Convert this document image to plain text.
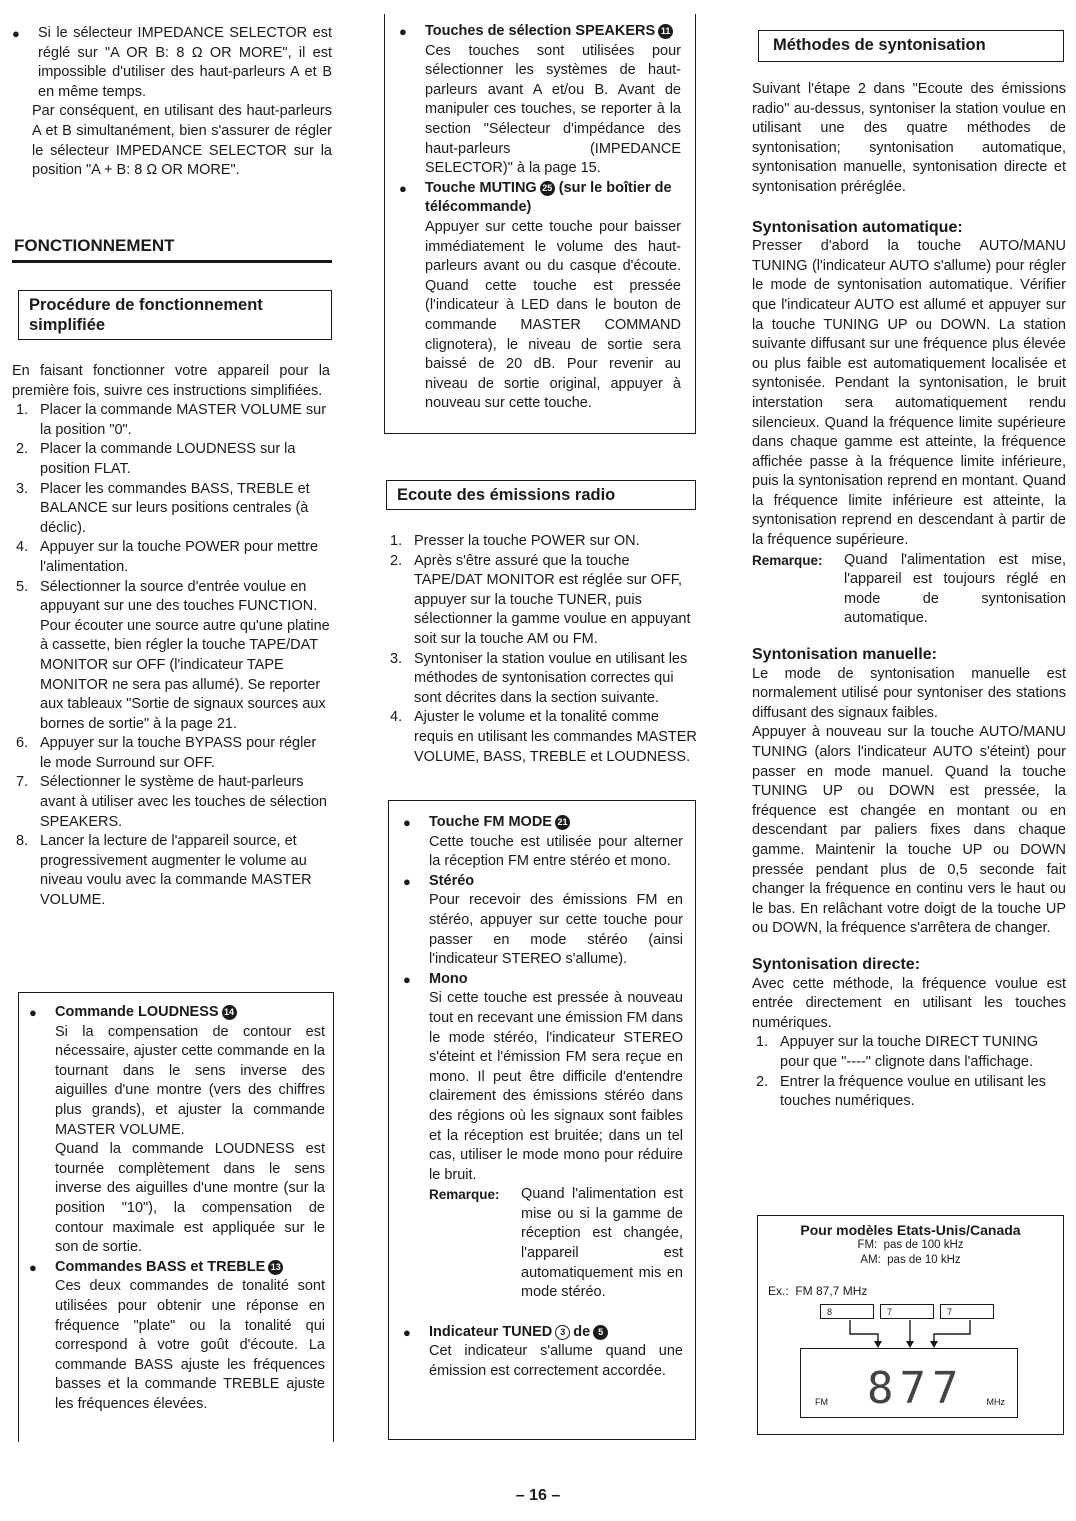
● Si le sélecteur IMPEDANCE SELECTOR est réglé sur "A OR B: 8 Ω OR MORE", il est impossible d'utiliser des haut-parleurs A et B en même temps.

Par conséquent, en utilisant des haut-parleurs A et B simultanément, bien s'assurer de régler le sélecteur IMPEDANCE SELECTOR sur la position "A + B: 8 Ω OR MORE".

FONCTIONNEMENT
Procédure de fonctionnement simplifiée

En faisant fonctionner votre appareil pour la première fois, suivre ces instructions simplifiées.

1. Placer la commande MASTER VOLUME sur la position "0".
2. Placer la commande LOUDNESS sur la position FLAT.
3. Placer les commandes BASS, TREBLE et BALANCE sur leurs positions centrales (à déclic).
4. Appuyer sur la touche POWER pour mettre l'alimentation.
5. Sélectionner la source d'entrée voulue en appuyant sur une des touches FUNCTION.
Pour écouter une source autre qu'une platine à cassette, bien régler la touche TAPE/DAT MONITOR sur OFF (l'indicateur TAPE MONITOR ne sera pas allumé). Se reporter aux tableaux "Sortie de signaux sources aux bornes de sortie" à la page 21.
6. Appuyer sur la touche BYPASS pour régler le mode Surround sur OFF.
7. Sélectionner le système de haut-parleurs avant à utiliser avec les touches de sélection SPEAKERS.
8. Lancer la lecture de l'appareil source, et progressivement augmenter le volume au niveau voulu avec la commande MASTER VOLUME.
● Commande LOUDNESS 14

Si la compensation de contour est nécessaire, ajuster cette commande en la tournant dans le sens inverse des aiguilles d'une montre (vers des chiffres plus grands), et ajuster la commande MASTER VOLUME.

Quand la commande LOUDNESS est tournée complètement dans le sens inverse des aiguilles d'une montre (sur la position "10"), la compensation de contour maximale est appliquée sur le son de sortie.

● Commandes BASS et TREBLE 13

Ces deux commandes de tonalité sont utilisées pour obtenir une réponse en fréquence "plate" ou la tonalité qui correspond à votre goût d'écoute. La commande BASS ajuste les fréquences basses et la commande TREBLE ajuste les fréquences élevées.

● Touches de sélection SPEAKERS 11

Ces touches sont utilisées pour sélectionner les systèmes de haut-parleurs avant A et/ou B. Avant de manipuler ces touches, se reporter à la section "Sélecteur d'impédance des haut-parleurs (IMPEDANCE SELECTOR)" à la page 15.

● Touche MUTING 25 (sur le boîtier de télécommande)

Appuyer sur cette touche pour baisser immédiatement le volume des haut-parleurs avant ou du casque d'écoute. Quand cette touche est pressée (l'indicateur à LED dans le bouton de commande MASTER COMMAND clignotera), le niveau de sortie sera baissé de 20 dB. Pour revenir au niveau de sortie original, appuyer à nouveau sur cette touche.

Ecoute des émissions radio
1. Presser la touche POWER sur ON.
2. Après s'être assuré que la touche TAPE/DAT MONITOR est réglée sur OFF, appuyer sur la touche TUNER, puis sélectionner la gamme voulue en appuyant soit sur la touche AM ou FM.
3. Syntoniser la station voulue en utilisant les méthodes de syntonisation correctes qui sont décrites dans la section suivante.
4. Ajuster le volume et la tonalité comme requis en utilisant les commandes MASTER VOLUME, BASS, TREBLE et LOUDNESS.
● Touche FM MODE 21

Cette touche est utilisée pour alterner la réception FM entre stéréo et mono.

● Stéréo

Pour recevoir des émissions FM en stéréo, appuyer sur cette touche pour passer en mode stéréo (ainsi l'indicateur STEREO s'allume).

● Mono

Si cette touche est pressée à nouveau tout en recevant une émission FM dans le mode stéréo, l'indicateur STEREO s'éteint et l'émission FM sera reçue en mono. Il peut être difficile d'entendre clairement des émissions stéréo dans des régions où les signaux sont faibles et la réception est bruitée; dans un tel cas, utiliser le mode mono pour réduire le bruit.

Remarque:	Quand l'alimentation est mise ou si la gamme de réception est changée, l'appareil est automatiquement mis en mode stéréo.
● Indicateur TUNED 3 de 5

Cet indicateur s'allume quand une émission est correctement accordée.

Méthodes de syntonisation

Suivant l'étape 2 dans "Ecoute des émissions radio" au-dessus, syntoniser la station voulue en utilisant une des quatre méthodes de syntonisation; syntonisation automatique, syntonisation manuelle, syntonisation directe et syntonisation préréglée.

Syntonisation automatique:

Presser d'abord la touche AUTO/MANU TUNING (l'indicateur AUTO s'allume) pour régler le mode de syntonisation automatique. Vérifier que l'indicateur AUTO est allumé et appuyer sur la touche TUNING UP ou DOWN. La station suivante diffusant sur une fréquence plus élevée ou plus faible est automatiquement localisée et syntonisée. Pendant la syntonisation, le bruit interstation sera automatiquement rendu silencieux. Quand la fréquence limite supérieure dans chaque gamme est atteinte, la fréquence affichée passe à la fréquence limite inférieure, puis la syntonisation reprend en montant. Quand la fréquence limite inférieure est atteinte, la syntonisation reprend en descendant à partir de la fréquence supérieure.

Remarque:	Quand l'alimentation est mise, l'appareil est toujours réglé en mode de syntonisation automatique.

Syntonisation manuelle:

Le mode de syntonisation manuelle est normalement utilisé pour syntoniser des stations diffusant des signaux faibles.

Appuyer à nouveau sur la touche AUTO/MANU TUNING (alors l'indicateur AUTO s'éteint) pour passer en mode manuel. Quand la touche TUNING UP ou DOWN est pressée, la fréquence est changée en montant ou en descendant par paliers fixes dans chaque gamme. Maintenir la touche UP ou DOWN pressée pendant plus de 0,5 seconde fait changer la fréquence en continu vers le haut ou le bas. En relâchant votre doigt de la touche UP ou DOWN, la fréquence s'arrêtera de changer.

Syntonisation directe:

Avec cette méthode, la fréquence voulue est entrée directement en utilisant les touches numériques.

1. Appuyer sur la touche DIRECT TUNING pour que "----" clignote dans l'affichage.
2. Entrer la fréquence voulue en utilisant les touches numériques.
Pour modèles Etats-Unis/Canada
FM: pas de 100 kHz
AM: pas de 10 kHz
Ex.: FM 87,7 MHz
8	7	7
FM 877 MHz
– 16 –
